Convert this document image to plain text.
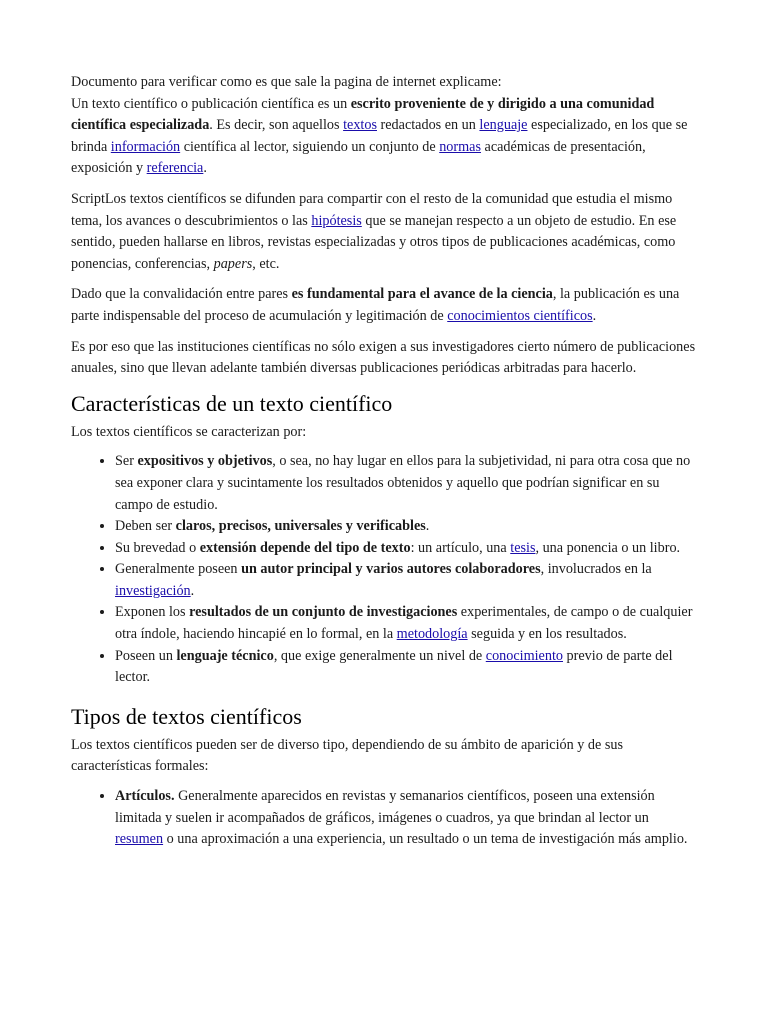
Documento para verificar como es que sale la pagina de internet explicame:

Un texto científico o publicación científica es un escrito proveniente de y dirigido a una comunidad científica especializada. Es decir, son aquellos textos redactados en un lenguaje especializado, en los que se brinda información científica al lector, siguiendo un conjunto de normas académicas de presentación, exposición y referencia.

ScriptLos textos científicos se difunden para compartir con el resto de la comunidad que estudia el mismo tema, los avances o descubrimientos o las hipótesis que se manejan respecto a un objeto de estudio. En ese sentido, pueden hallarse en libros, revistas especializadas y otros tipos de publicaciones académicas, como ponencias, conferencias, papers, etc.

Dado que la convalidación entre pares es fundamental para el avance de la ciencia, la publicación es una parte indispensable del proceso de acumulación y legitimación de conocimientos científicos.

Es por eso que las instituciones científicas no sólo exigen a sus investigadores cierto número de publicaciones anuales, sino que llevan adelante también diversas publicaciones periódicas arbitradas para hacerlo.

Características de un texto científico

Los textos científicos se caracterizan por:

• Ser expositivos y objetivos, o sea, no hay lugar en ellos para la subjetividad, ni para otra cosa que no sea exponer clara y sucintamente los resultados obtenidos y aquello que podrían significar en su campo de estudio.
• Deben ser claros, precisos, universales y verificables.
• Su brevedad o extensión depende del tipo de texto: un artículo, una tesis, una ponencia o un libro.
• Generalmente poseen un autor principal y varios autores colaboradores, involucrados en la investigación.
• Exponen los resultados de un conjunto de investigaciones experimentales, de campo o de cualquier otra índole, haciendo hincapié en lo formal, en la metodología seguida y en los resultados.
• Poseen un lenguaje técnico, que exige generalmente un nivel de conocimiento previo de parte del lector.
Tipos de textos científicos

Los textos científicos pueden ser de diverso tipo, dependiendo de su ámbito de aparición y de sus características formales:

• Artículos. Generalmente aparecidos en revistas y semanarios científicos, poseen una extensión limitada y suelen ir acompañados de gráficos, imágenes o cuadros, ya que brindan al lector un resumen o una aproximación a una experiencia, un resultado o un tema de investigación más amplio.
